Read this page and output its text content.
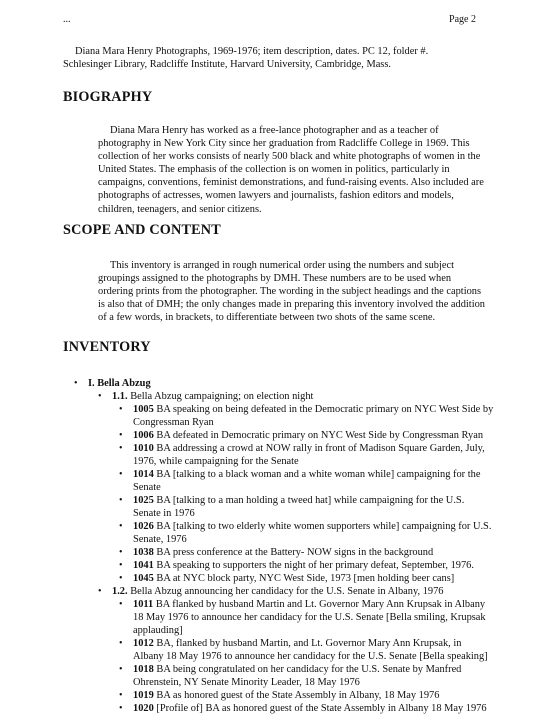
...	Page 2
Diana Mara Henry Photographs, 1969-1976; item description, dates. PC 12, folder #. Schlesinger Library, Radcliffe Institute, Harvard University, Cambridge, Mass.
BIOGRAPHY

Diana Mara Henry has worked as a free-lance photographer and as a teacher of photography in New York City since her graduation from Radcliffe College in 1969. This collection of her works consists of nearly 500 black and white photographs of women in the United States. The emphasis of the collection is on women in politics, particularly in campaigns, conventions, feminist demonstrations, and fund-raising events. Also included are photographs of actresses, women lawyers and journalists, fashion editors and models, children, teenagers, and senior citizens.

SCOPE AND CONTENT

This inventory is arranged in rough numerical order using the numbers and subject groupings assigned to the photographs by DMH. These numbers are to be used when ordering prints from the photographer. The wording in the subject headings and the captions is also that of DMH; the only changes made in preparing this inventory involved the addition of a few words, in brackets, to differentiate between two shots of the same scene.

INVENTORY
• I. Bella Abzug
• 1.1. Bella Abzug campaigning; on election night
• 1005 BA speaking on being defeated in the Democratic primary on NYC West Side by Congressman Ryan
• 1006 BA defeated in Democratic primary on NYC West Side by Congressman Ryan
• 1010 BA addressing a crowd at NOW rally in front of Madison Square Garden, July, 1976, while campaigning for the Senate
• 1014 BA [talking to a black woman and a white woman while] campaigning for the Senate
• 1025 BA [talking to a man holding a tweed hat] while campaigning for the U.S. Senate in 1976
• 1026 BA [talking to two elderly white women supporters while] campaigning for U.S. Senate, 1976
• 1038 BA press conference at the Battery- NOW signs in the background
• 1041 BA speaking to supporters the night of her primary defeat, September, 1976.
• 1045 BA at NYC block party, NYC West Side, 1973 [men holding beer cans]
• 1.2. Bella Abzug announcing her candidacy for the U.S. Senate in Albany, 1976
• 1011 BA flanked by husband Martin and Lt. Governor Mary Ann Krupsak in Albany 18 May 1976 to announce her candidacy for the U.S. Senate [Bella smiling, Krupsak applauding]
• 1012 BA, flanked by husband Martin, and Lt. Governor Mary Ann Krupsak, in Albany 18 May 1976 to announce her candidacy for the U.S. Senate [Bella speaking]
• 1018 BA being congratulated on her candidacy for the U.S. Senate by Manfred Ohrenstein, NY Senate Minority Leader, 18 May 1976
• 1019 BA as honored guest of the State Assembly in Albany, 18 May 1976
• 1020 [Profile of] BA as honored guest of the State Assembly in Albany 18 May 1976
